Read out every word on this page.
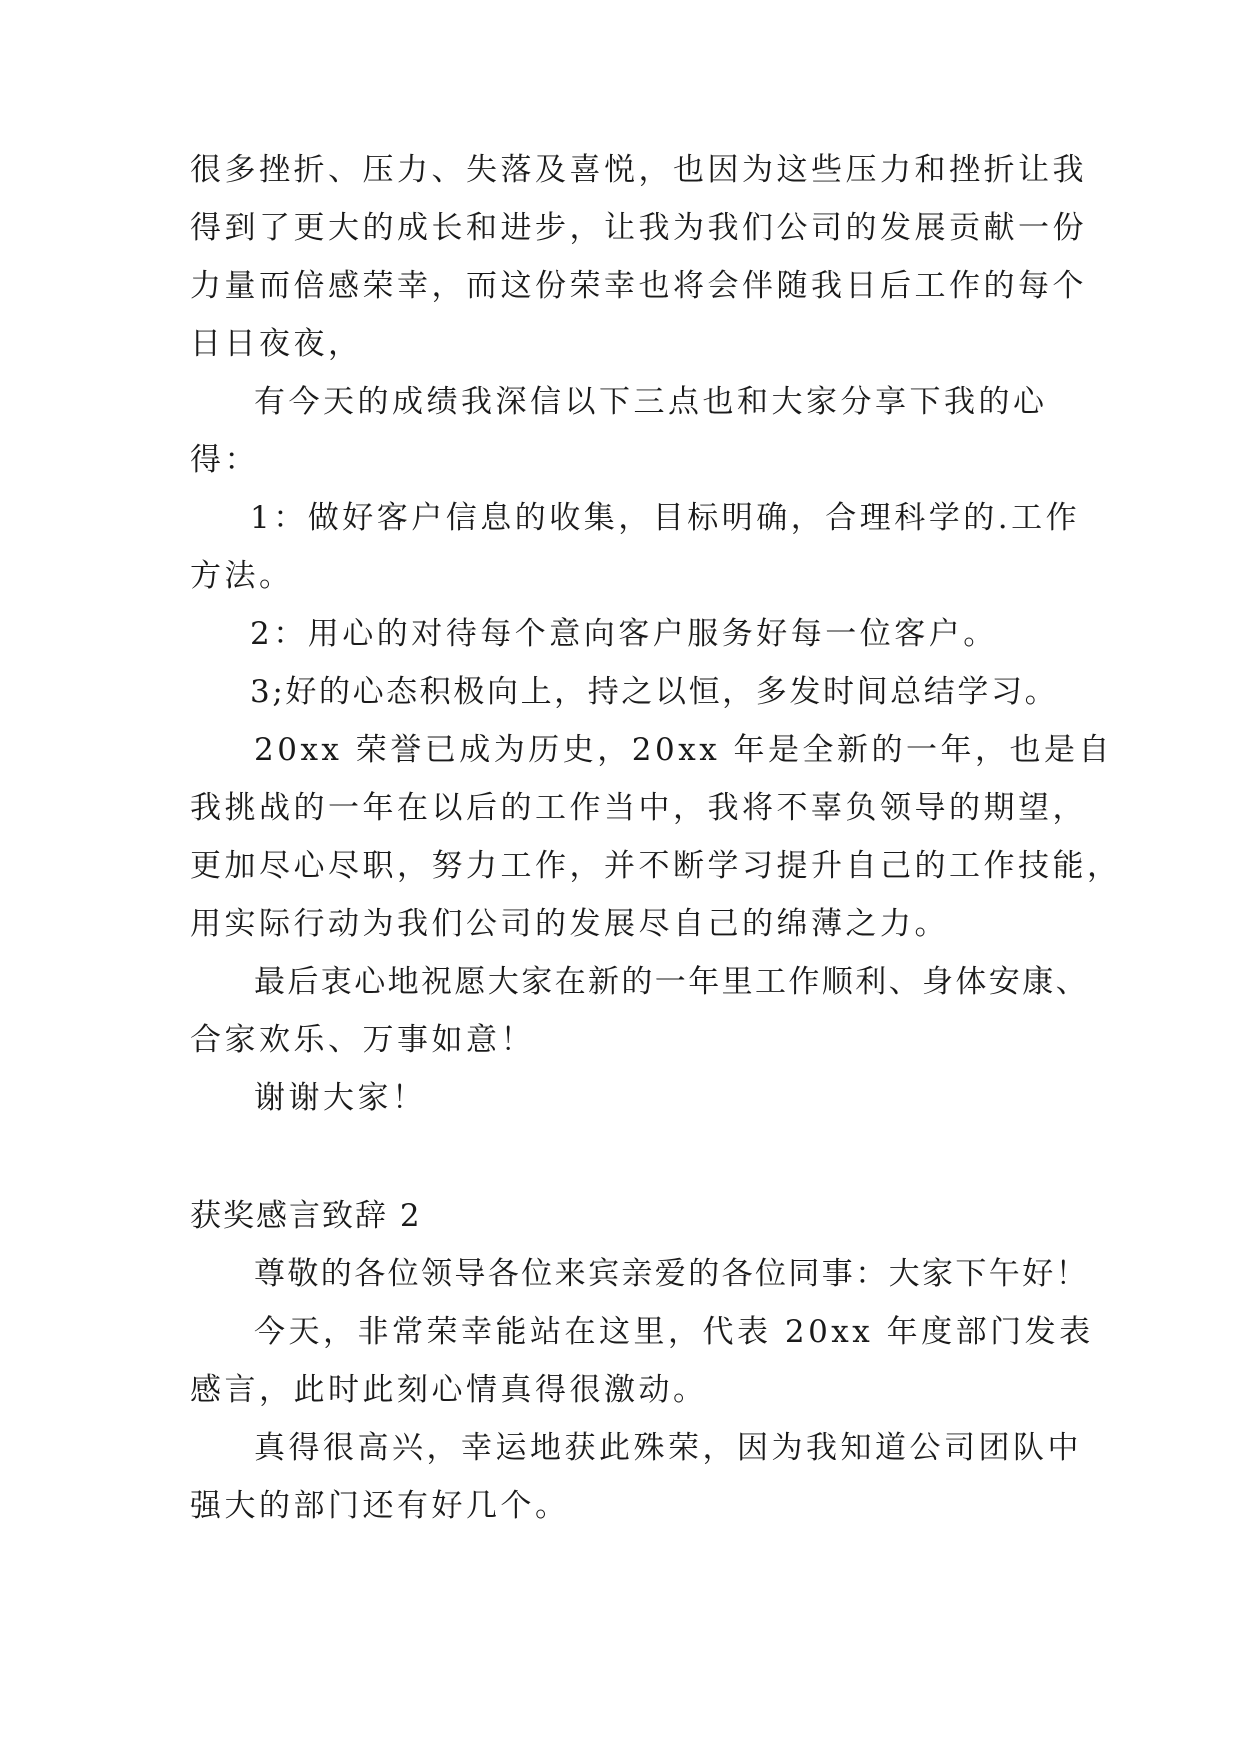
很多挫折、压力、失落及喜悦，也因为这些压力和挫折让我
得到了更大的成长和进步，让我为我们公司的发展贡献一份
力量而倍感荣幸，而这份荣幸也将会伴随我日后工作的每个
日日夜夜，
有今天的成绩我深信以下三点也和大家分享下我的心
得：
1：做好客户信息的收集，目标明确，合理科学的.工作
方法。
2：用心的对待每个意向客户服务好每一位客户。
3;好的心态积极向上，持之以恒，多发时间总结学习。
20xx 荣誉已成为历史，20xx 年是全新的一年，也是自
我挑战的一年在以后的工作当中，我将不辜负领导的期望，
更加尽心尽职，努力工作，并不断学习提升自己的工作技能，
用实际行动为我们公司的发展尽自己的绵薄之力。
最后衷心地祝愿大家在新的一年里工作顺利、身体安康、
合家欢乐、万事如意！
谢谢大家！
获奖感言致辞 2
尊敬的各位领导各位来宾亲爱的各位同事：大家下午好！
今天，非常荣幸能站在这里，代表 20xx 年度部门发表
感言，此时此刻心情真得很激动。
真得很高兴，幸运地获此殊荣，因为我知道公司团队中
强大的部门还有好几个。
